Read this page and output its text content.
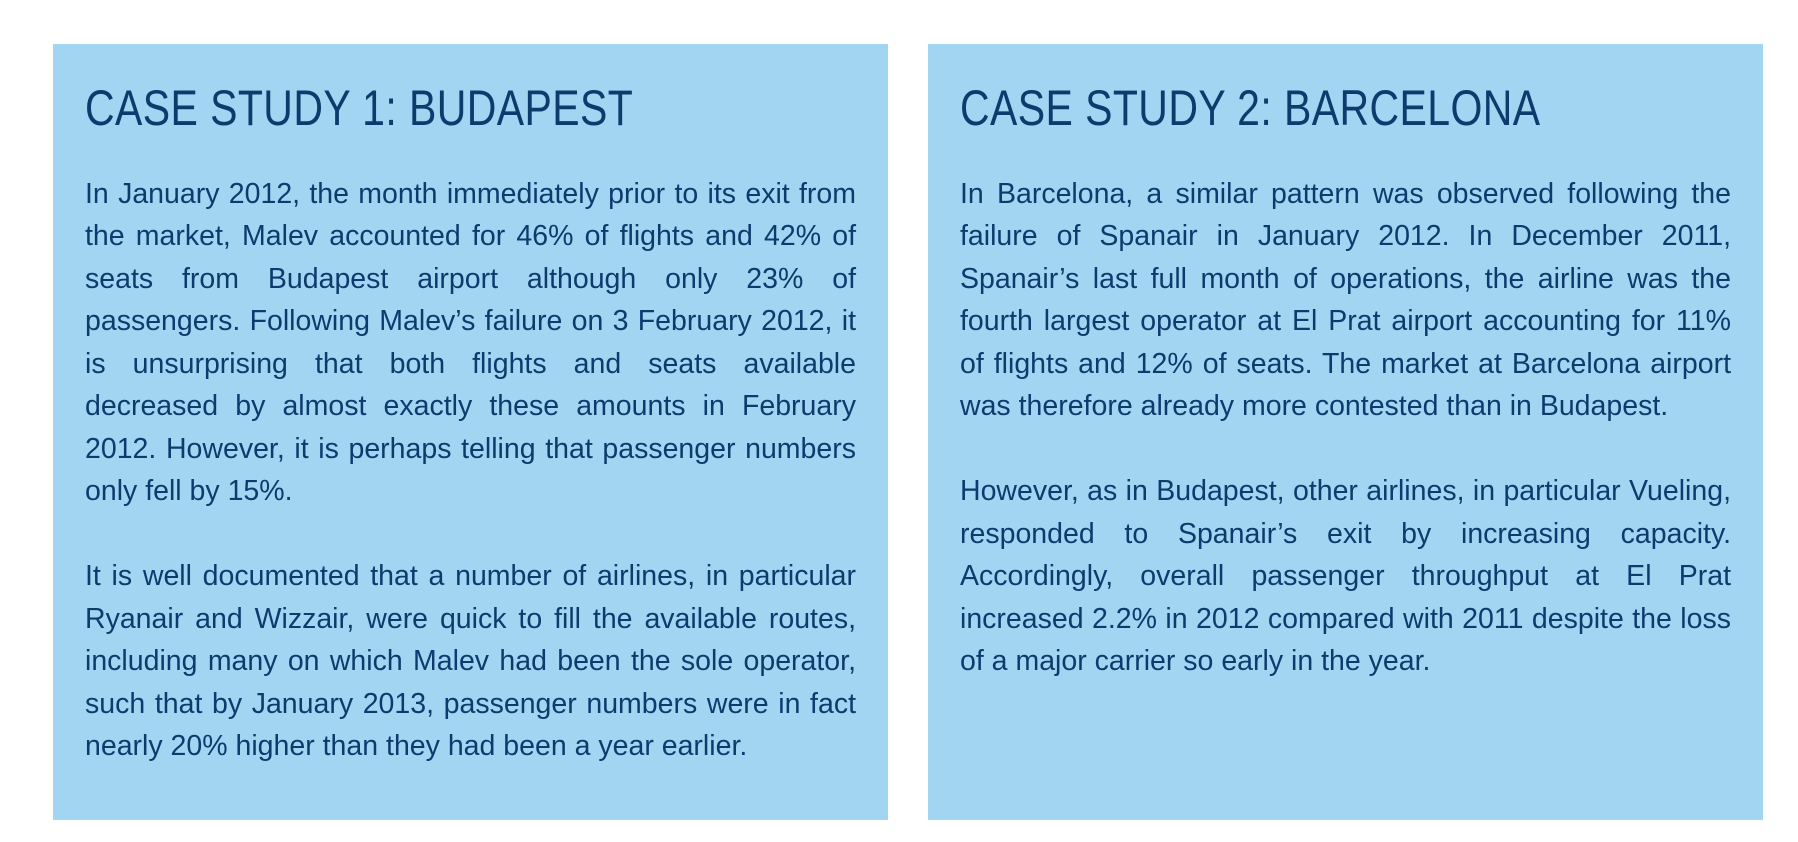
CASE STUDY 1: BUDAPEST

In January 2012, the month immediately prior to its exit from the market, Malev accounted for 46% of flights and 42% of seats from Budapest airport although only 23% of passengers. Following Malev’s failure on 3 February 2012, it is unsurprising that both flights and seats available decreased by almost exactly these amounts in February 2012. However, it is perhaps telling that passenger numbers only fell by 15%.

It is well documented that a number of airlines, in particular Ryanair and Wizzair, were quick to fill the available routes, including many on which Malev had been the sole operator, such that by January 2013, passenger numbers were in fact nearly 20% higher than they had been a year earlier.

CASE STUDY 2: BARCELONA

In Barcelona, a similar pattern was observed following the failure of Spanair in January 2012. In December 2011, Spanair’s last full month of operations, the airline was the fourth largest operator at El Prat airport accounting for 11% of flights and 12% of seats. The market at Barcelona airport was therefore already more contested than in Budapest.

However, as in Budapest, other airlines, in particular Vueling, responded to Spanair’s exit by increasing capacity. Accordingly, overall passenger throughput at El Prat increased 2.2% in 2012 compared with 2011 despite the loss of a major carrier so early in the year.
